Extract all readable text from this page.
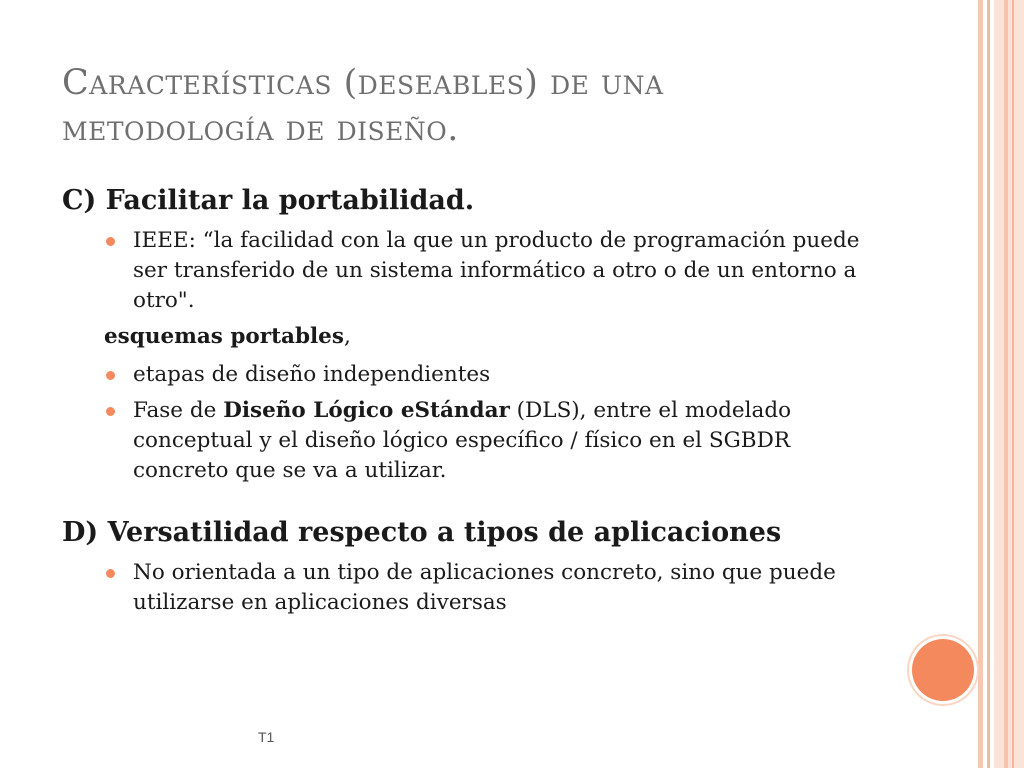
Características (deseables) de una
metodología de diseño.
C) Facilitar la portabilidad.
IEEE: “la facilidad con la que un producto de programación puede ser transferido de un sistema informático a otro o de un entorno a otro".

esquemas portables,

etapas de diseño independientes
Fase de Diseño Lógico eStándar (DLS), entre el modelado conceptual y el diseño lógico específico / físico en el SGBDR concreto que se va a utilizar.
D) Versatilidad respecto a tipos de aplicaciones
No orientada a un tipo de aplicaciones concreto, sino que puede utilizarse en aplicaciones diversas
T1
